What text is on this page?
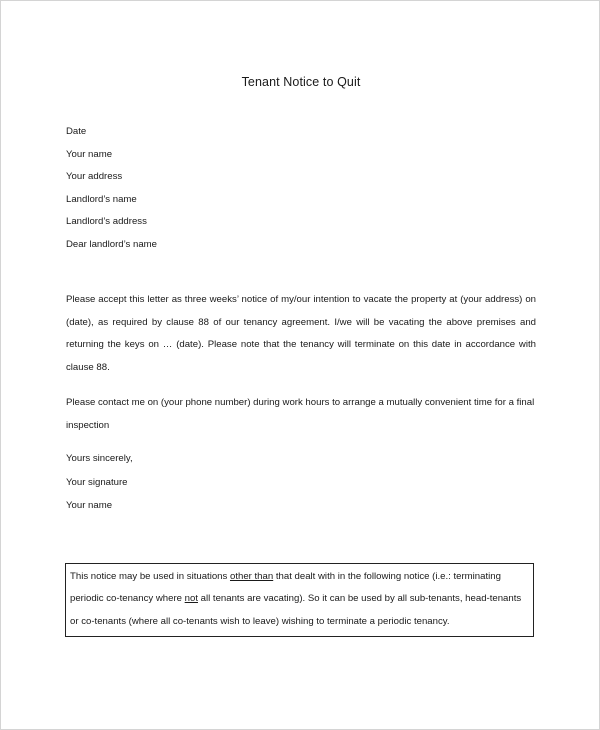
Tenant Notice to Quit
Date
Your name
Your address
Landlord’s name
Landlord’s address
Dear landlord’s name
Please accept this letter as three weeks’ notice of my/our intention to vacate the property at (your address) on (date), as required by clause 88 of our tenancy agreement. I/we will be vacating the above premises and returning the keys on … (date). Please note that the tenancy will terminate on this date in accordance with clause 88.
Please contact me on (your phone number) during work hours to arrange a mutually convenient time for a final inspection
Yours sincerely,
Your signature
Your name
This notice may be used in situations other than that dealt with in the following notice (i.e.: terminating periodic co-tenancy where not all tenants are vacating). So it can be used by all sub-tenants, head-tenants or co-tenants (where all co-tenants wish to leave) wishing to terminate a periodic tenancy.
